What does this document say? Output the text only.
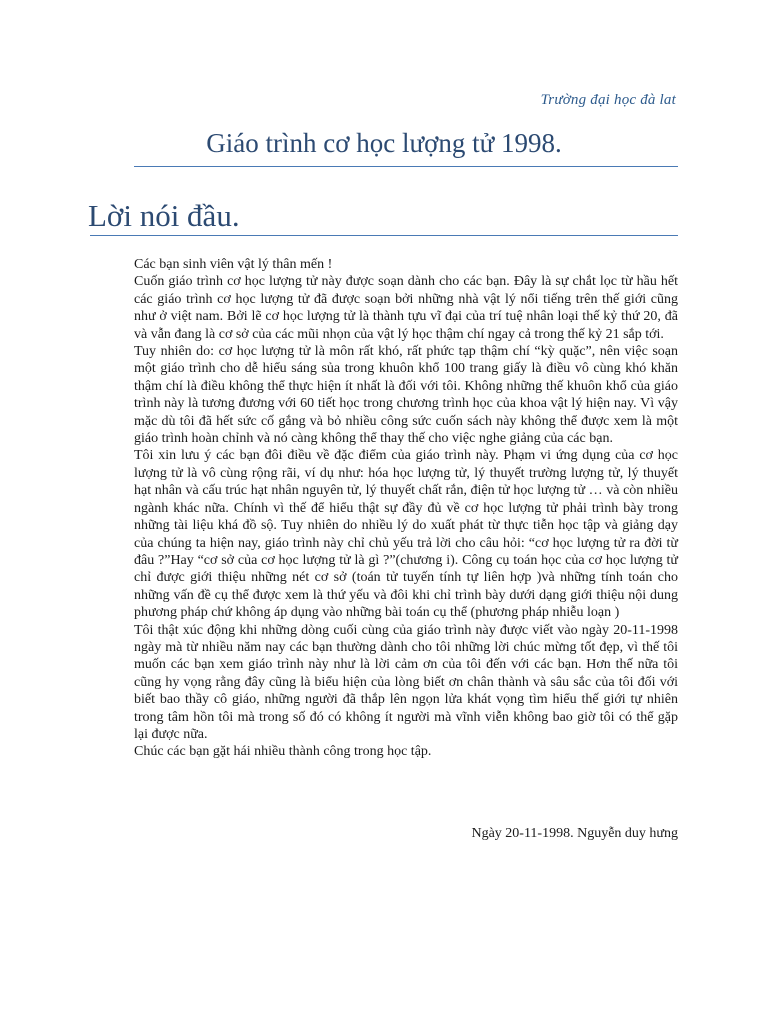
Trường đại học đà lat
Giáo trình cơ học lượng tử 1998.
Lời nói đầu.

Các bạn sinh viên vật lý thân mến !

Cuốn giáo trình cơ học lượng tử này được soạn dành cho các bạn. Đây là sự chắt lọc từ hầu hết các giáo trình cơ học lượng tử đã được soạn bởi những nhà vật lý nổi tiếng trên thế giới cũng như ở việt nam. Bởi lẽ cơ học lượng tử là thành tựu vĩ đại của trí tuệ nhân loại thế kỷ thứ 20, đã và vẫn đang là cơ sở của các mũi nhọn của vật lý học thậm chí ngay cả trong thế kỷ 21 sắp tới.

Tuy nhiên do: cơ học lượng tử là môn rất khó, rất phức tạp thậm chí “kỳ quặc”, nên việc soạn một giáo trình cho dễ hiểu sáng sủa trong khuôn khổ 100 trang giấy là điều vô cùng khó khăn thậm chí là điều không thể thực hiện ít nhất là đối với tôi. Không những thế khuôn khổ của giáo trình này là tương đương với 60 tiết học trong chương trình học của khoa vật lý hiện nay. Vì vậy mặc dù tôi đã hết sức cố gắng và bỏ nhiều công sức cuốn sách này không thể được xem là một giáo trình hoàn chỉnh và nó càng không thể thay thế cho việc nghe giảng của các bạn.

Tôi xin lưu ý các bạn đôi điều về đặc điểm của giáo trình này. Phạm vi ứng dụng của cơ học lượng tử là vô cùng rộng rãi, ví dụ như: hóa học lượng tử, lý thuyết trường lượng tử, lý thuyết hạt nhân và cấu trúc hạt nhân nguyên tử, lý thuyết chất rắn, điện tử học lượng tử … và còn nhiều ngành khác nữa. Chính vì thế để hiểu thật sự đầy đủ về cơ học lượng tử phải trình bày trong những tài liệu khá đồ sộ. Tuy nhiên do nhiều lý do xuất phát từ thực tiễn học tập và giảng dạy của chúng ta hiện nay, giáo trình này chỉ chủ yếu trả lời cho câu hỏi: “cơ học lượng tử ra đời từ đâu ?”Hay “cơ sở của cơ học lượng tử là gì ?”(chương i). Công cụ toán học của cơ học lượng tử chỉ được giới thiệu những nét cơ sở (toán tử tuyến tính tự liên hợp )và những tính toán cho những vấn đề cụ thể được xem là thứ yếu và đôi khi chỉ trình bày dưới dạng giới thiệu nội dung phương pháp chứ không áp dụng vào những bài toán cụ thể (phương pháp nhiễu loạn )

Tôi thật xúc động khi những dòng cuối cùng của giáo trình này được viết vào ngày 20-11-1998 ngày mà từ nhiều năm nay các bạn thường dành cho tôi những lời chúc mừng tốt đẹp, vì thế tôi muốn các bạn xem giáo trình này như là lời cảm ơn của tôi đến với các bạn. Hơn thế nữa tôi cũng hy vọng rằng đây cũng là biểu hiện của lòng biết ơn chân thành và sâu sắc của tôi đối với biết bao thầy cô giáo, những người đã thắp lên ngọn lửa khát vọng tìm hiểu thế giới tự nhiên trong tâm hồn tôi mà trong số đó có không ít người mà vĩnh viễn không bao giờ tôi có thể gặp lại được nữa.

Chúc các bạn gặt hái nhiều thành công trong học tập.

Ngày 20-11-1998. Nguyễn duy hưng
